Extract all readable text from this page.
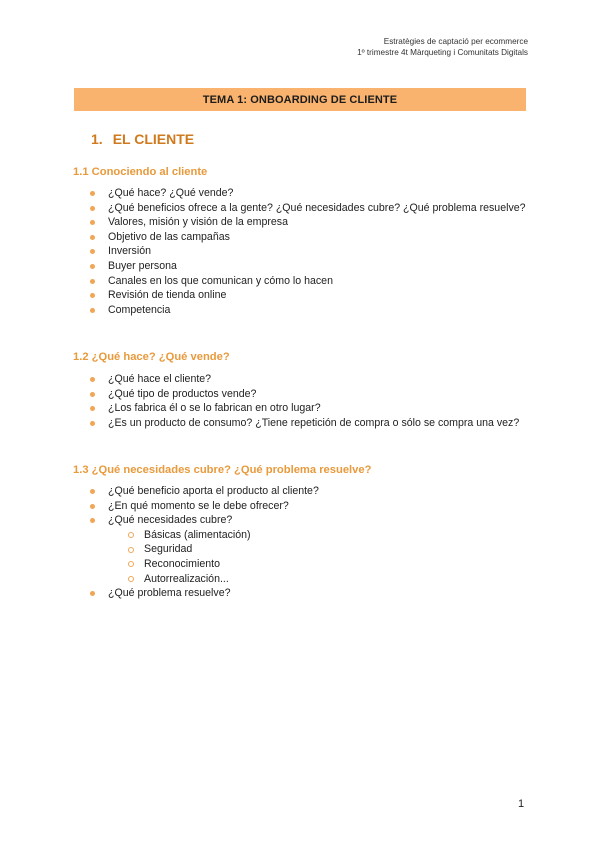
Estratègies de captació per ecommerce
1º trimestre 4t Màrqueting i Comunitats Digitals
TEMA 1: ONBOARDING DE CLIENTE
1. EL CLIENTE
1.1 Conociendo al cliente
¿Qué hace? ¿Qué vende?
¿Qué beneficios ofrece a la gente? ¿Qué necesidades cubre? ¿Qué problema resuelve?
Valores, misión y visión de la empresa
Objetivo de las campañas
Inversión
Buyer persona
Canales en los que comunican y cómo lo hacen
Revisión de tienda online
Competencia
1.2 ¿Qué hace? ¿Qué vende?
¿Qué hace el cliente?
¿Qué tipo de productos vende?
¿Los fabrica él o se lo fabrican en otro lugar?
¿Es un producto de consumo? ¿Tiene repetición de compra o sólo se compra una vez?
1.3 ¿Qué necesidades cubre? ¿Qué problema resuelve?
¿Qué beneficio aporta el producto al cliente?
¿En qué momento se le debe ofrecer?
¿Qué necesidades cubre?
Básicas (alimentación)
Seguridad
Reconocimiento
Autorrealización...
¿Qué problema resuelve?
1
